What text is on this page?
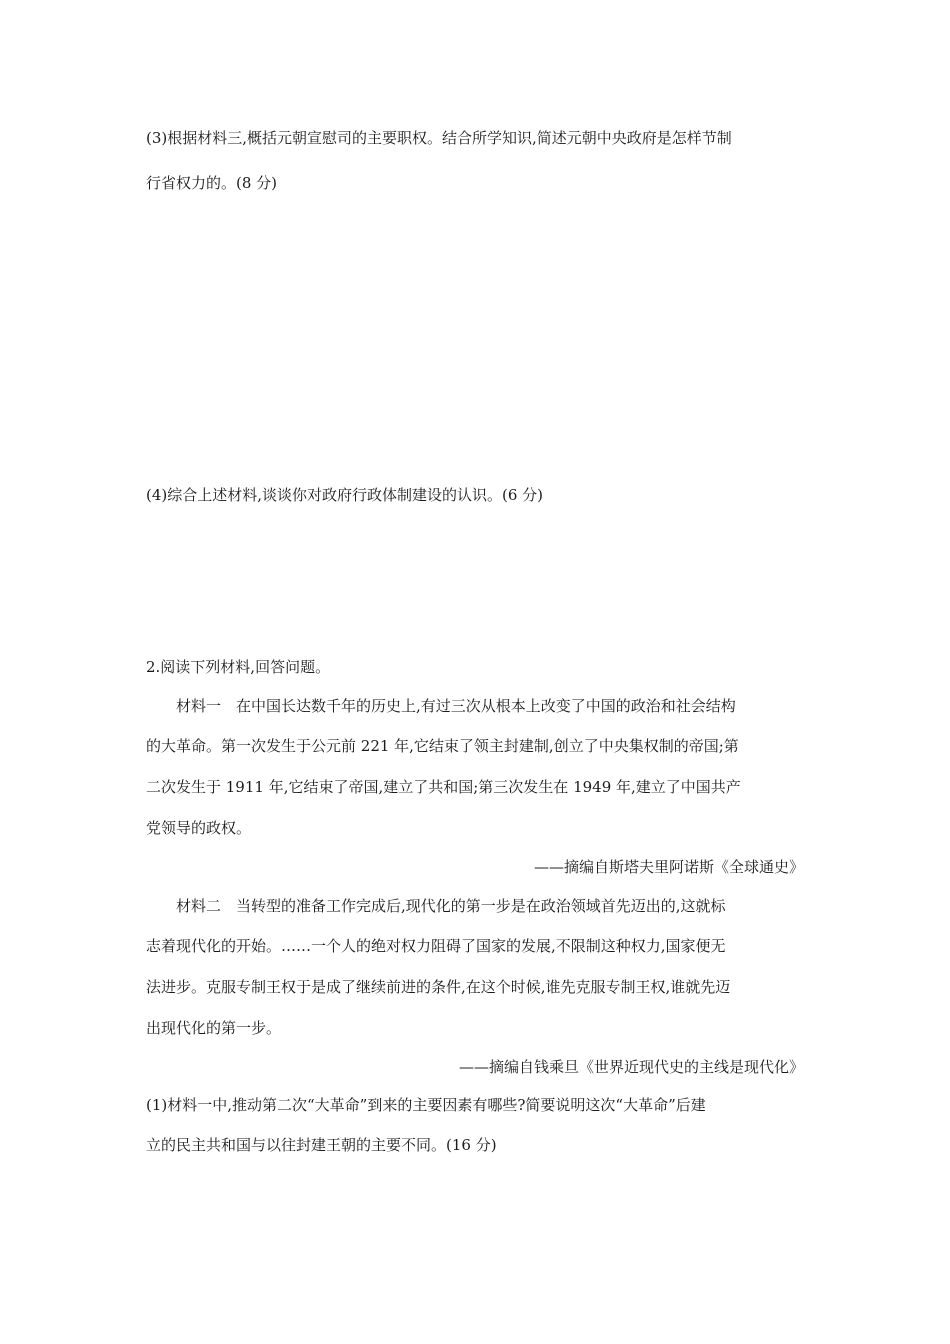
(3)根据材料三,概括元朝宣慰司的主要职权。结合所学知识,简述元朝中央政府是怎样节制
行省权力的。(8 分)
(4)综合上述材料,谈谈你对政府行政体制建设的认识。(6 分)
2.阅读下列材料,回答问题。
材料一　在中国长达数千年的历史上,有过三次从根本上改变了中国的政治和社会结构
的大革命。第一次发生于公元前 221 年,它结束了领主封建制,创立了中央集权制的帝国;第
二次发生于 1911 年,它结束了帝国,建立了共和国;第三次发生在 1949 年,建立了中国共产
党领导的政权。
——摘编自斯塔夫里阿诺斯《全球通史》
材料二　当转型的准备工作完成后,现代化的第一步是在政治领域首先迈出的,这就标
志着现代化的开始。……一个人的绝对权力阻碍了国家的发展,不限制这种权力,国家便无
法进步。克服专制王权于是成了继续前进的条件,在这个时候,谁先克服专制王权,谁就先迈
出现代化的第一步。
——摘编自钱乘旦《世界近现代史的主线是现代化》
(1)材料一中,推动第二次“大革命”到来的主要因素有哪些?简要说明这次“大革命”后建
立的民主共和国与以往封建王朝的主要不同。(16 分)
